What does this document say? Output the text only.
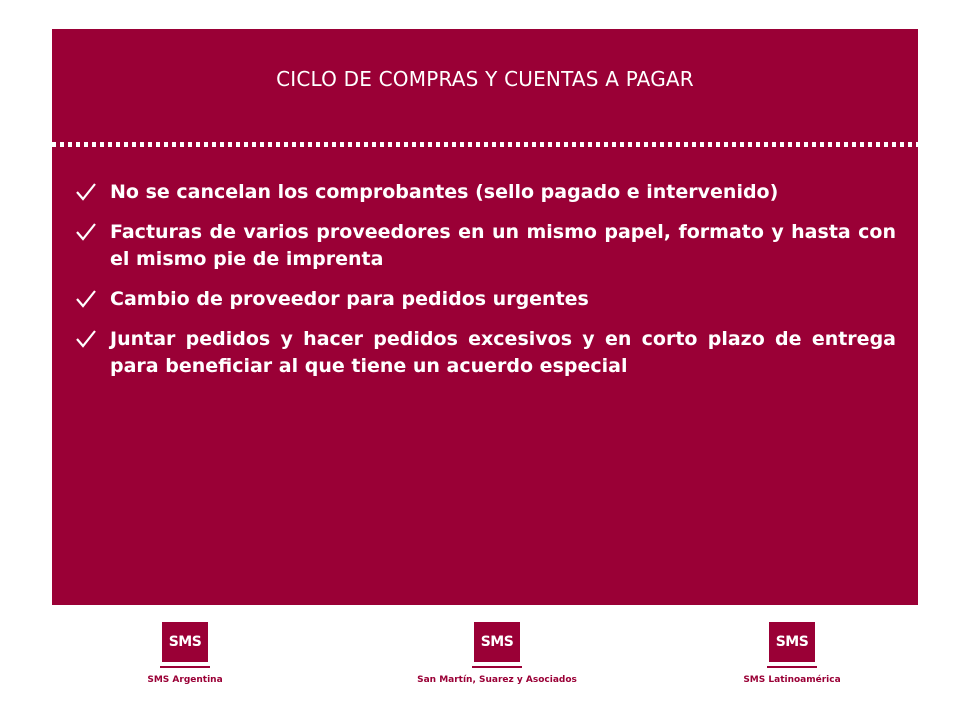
CICLO DE COMPRAS Y CUENTAS A PAGAR
No se cancelan los comprobantes (sello pagado e intervenido)
Facturas de varios proveedores en un mismo papel, formato y hasta con el mismo pie de imprenta
Cambio de proveedor para pedidos urgentes
Juntar pedidos y hacer pedidos excesivos y en corto plazo de entrega para beneficiar al que tiene un acuerdo especial
SMS
SMS Argentina
SMS
San Martín, Suarez y Asociados
SMS
SMS Latinoamérica
